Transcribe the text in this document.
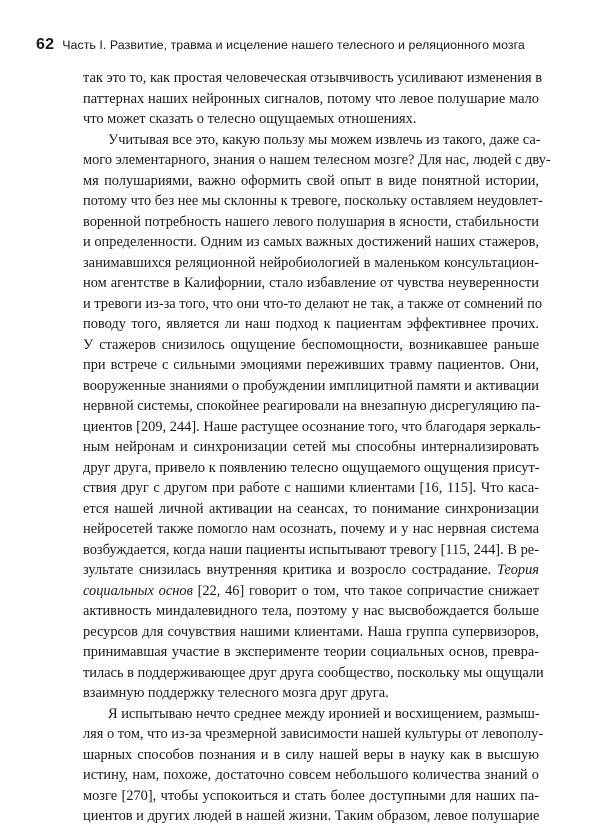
62 Часть I. Развитие, травма и исцеление нашего телесного и реляционного мозга

так это то, как простая человеческая отзывчивость усиливают изменения в
паттернах наших нейронных сигналов, потому что левое полушарие мало
что может сказать о телесно ощущаемых отношениях.

Учитывая все это, какую пользу мы можем извлечь из такого, даже са-
мого элементарного, знания о нашем телесном мозге? Для нас, людей с дву-
мя полушариями, важно оформить свой опыт в виде понятной истории,
потому что без нее мы склонны к тревоге, поскольку оставляем неудовлет-
воренной потребность нашего левого полушария в ясности, стабильности
и определенности. Одним из самых важных достижений наших стажеров,
занимавшихся реляционной нейробиологией в маленьком консультацион-
ном агентстве в Калифорнии, стало избавление от чувства неуверенности
и тревоги из-за того, что они что-то делают не так, а также от сомнений по
поводу того, является ли наш подход к пациентам эффективнее прочих.
У стажеров снизилось ощущение беспомощности, возникавшее раньше
при встрече с сильными эмоциями переживших травму пациентов. Они,
вооруженные знаниями о пробуждении имплицитной памяти и активации
нервной системы, спокойнее реагировали на внезапную дисрегуляцию па-
циентов [209, 244]. Наше растущее осознание того, что благодаря зеркаль-
ным нейронам и синхронизации сетей мы способны интернализировать
друг друга, привело к появлению телесно ощущаемого ощущения присут-
ствия друг с другом при работе с нашими клиентами [16, 115]. Что каса-
ется нашей личной активации на сеансах, то понимание синхронизации
нейросетей также помогло нам осознать, почему и у нас нервная система
возбуждается, когда наши пациенты испытывают тревогу [115, 244]. В ре-
зультате снизилась внутренняя критика и возросло сострадание. Теория
социальных основ [22, 46] говорит о том, что такое сопричастие снижает
активность миндалевидного тела, поэтому у нас высвобождается больше
ресурсов для сочувствия нашими клиентами. Наша группа супервизоров,
принимавшая участие в эксперименте теории социальных основ, превра-
тилась в поддерживающее друг друга сообщество, поскольку мы ощущали
взаимную поддержку телесного мозга друг друга.

Я испытываю нечто среднее между иронией и восхищением, размыш-
ляя о том, что из-за чрезмерной зависимости нашей культуры от левополу-
шарных способов познания и в силу нашей веры в науку как в высшую
истину, нам, похоже, достаточно совсем небольшого количества знаний о
мозге [270], чтобы успокоиться и стать более доступными для наших па-
циентов и других людей в нашей жизни. Таким образом, левое полушарие
